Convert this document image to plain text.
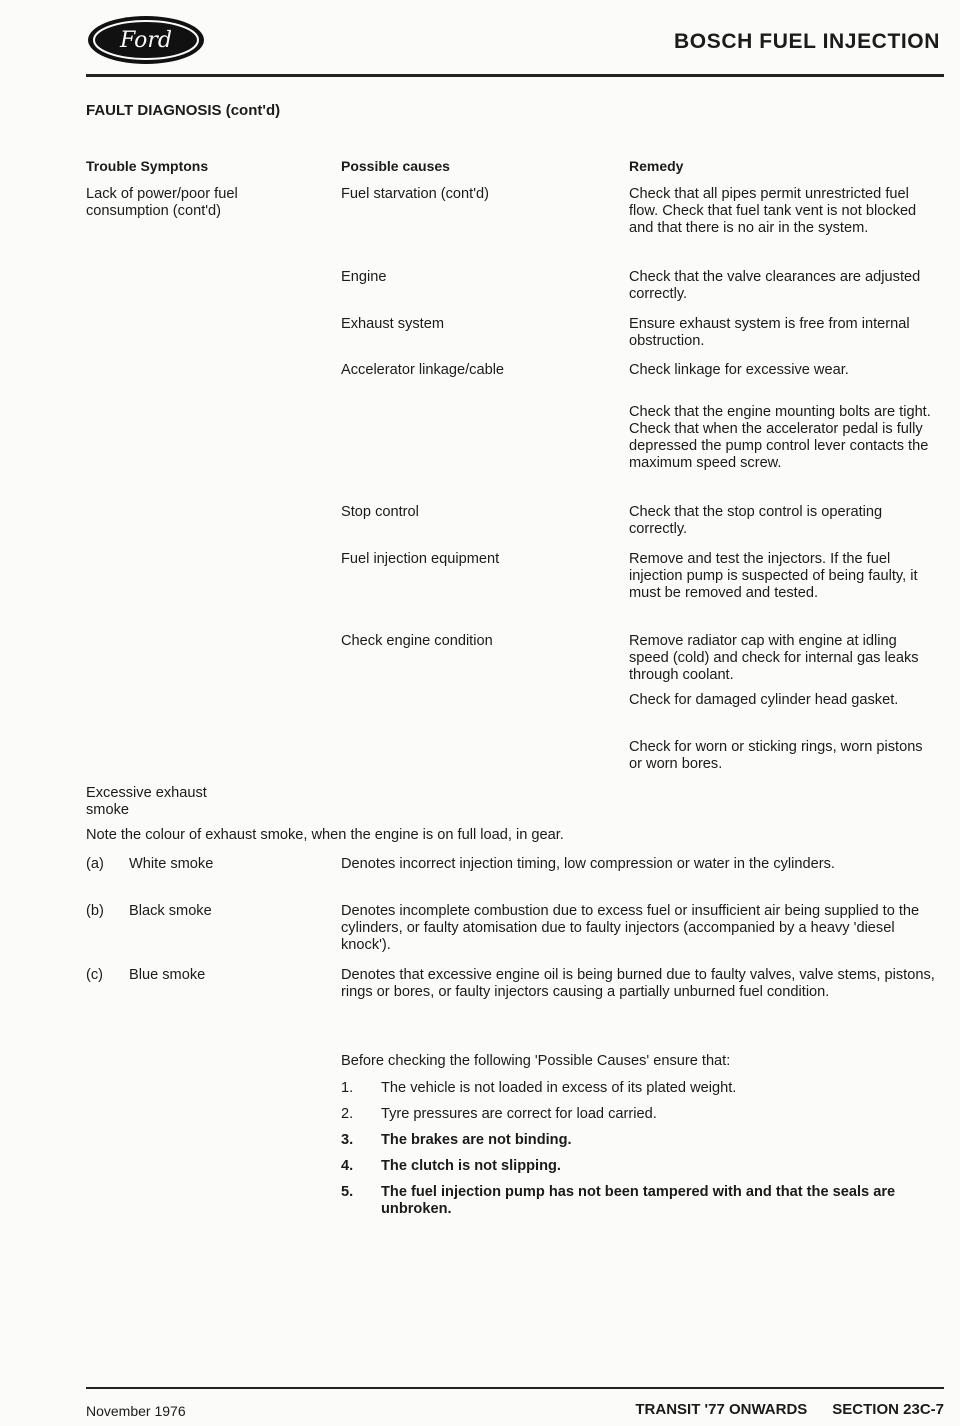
Ford	BOSCH FUEL INJECTION
FAULT DIAGNOSIS (cont'd)
Trouble Symptons	Possible causes	Remedy
Lack of power/poor fuel consumption (cont'd)
Fuel starvation (cont'd)	Check that all pipes permit unrestricted fuel flow. Check that fuel tank vent is not blocked and that there is no air in the system.
Engine	Check that the valve clearances are adjusted correctly.
Exhaust system	Ensure exhaust system is free from internal obstruction.
Accelerator linkage/cable	Check linkage for excessive wear.
Check that the engine mounting bolts are tight. Check that when the accelerator pedal is fully depressed the pump control lever contacts the maximum speed screw.
Stop control	Check that the stop control is operating correctly.
Fuel injection equipment	Remove and test the injectors. If the fuel injection pump is suspected of being faulty, it must be removed and tested.
Check engine condition	Remove radiator cap with engine at idling speed (cold) and check for internal gas leaks through coolant.
Check for damaged cylinder head gasket.
Check for worn or sticking rings, worn pistons or worn bores.
Excessive exhaust smoke
Note the colour of exhaust smoke, when the engine is on full load, in gear.
(a) White smoke	Denotes incorrect injection timing, low compression or water in the cylinders.
(b) Black smoke	Denotes incomplete combustion due to excess fuel or insufficient air being supplied to the cylinders, or faulty atomisation due to faulty injectors (accompanied by a heavy 'diesel knock').
(c) Blue smoke	Denotes that excessive engine oil is being burned due to faulty valves, valve stems, pistons, rings or bores, or faulty injectors causing a partially unburned fuel condition.
Before checking the following 'Possible Causes' ensure that:
1.	The vehicle is not loaded in excess of its plated weight.
2.	Tyre pressures are correct for load carried.
3.	The brakes are not binding.
4.	The clutch is not slipping.
5.	The fuel injection pump has not been tampered with and that the seals are unbroken.
November 1976	TRANSIT '77 ONWARDS      SECTION 23C-7
